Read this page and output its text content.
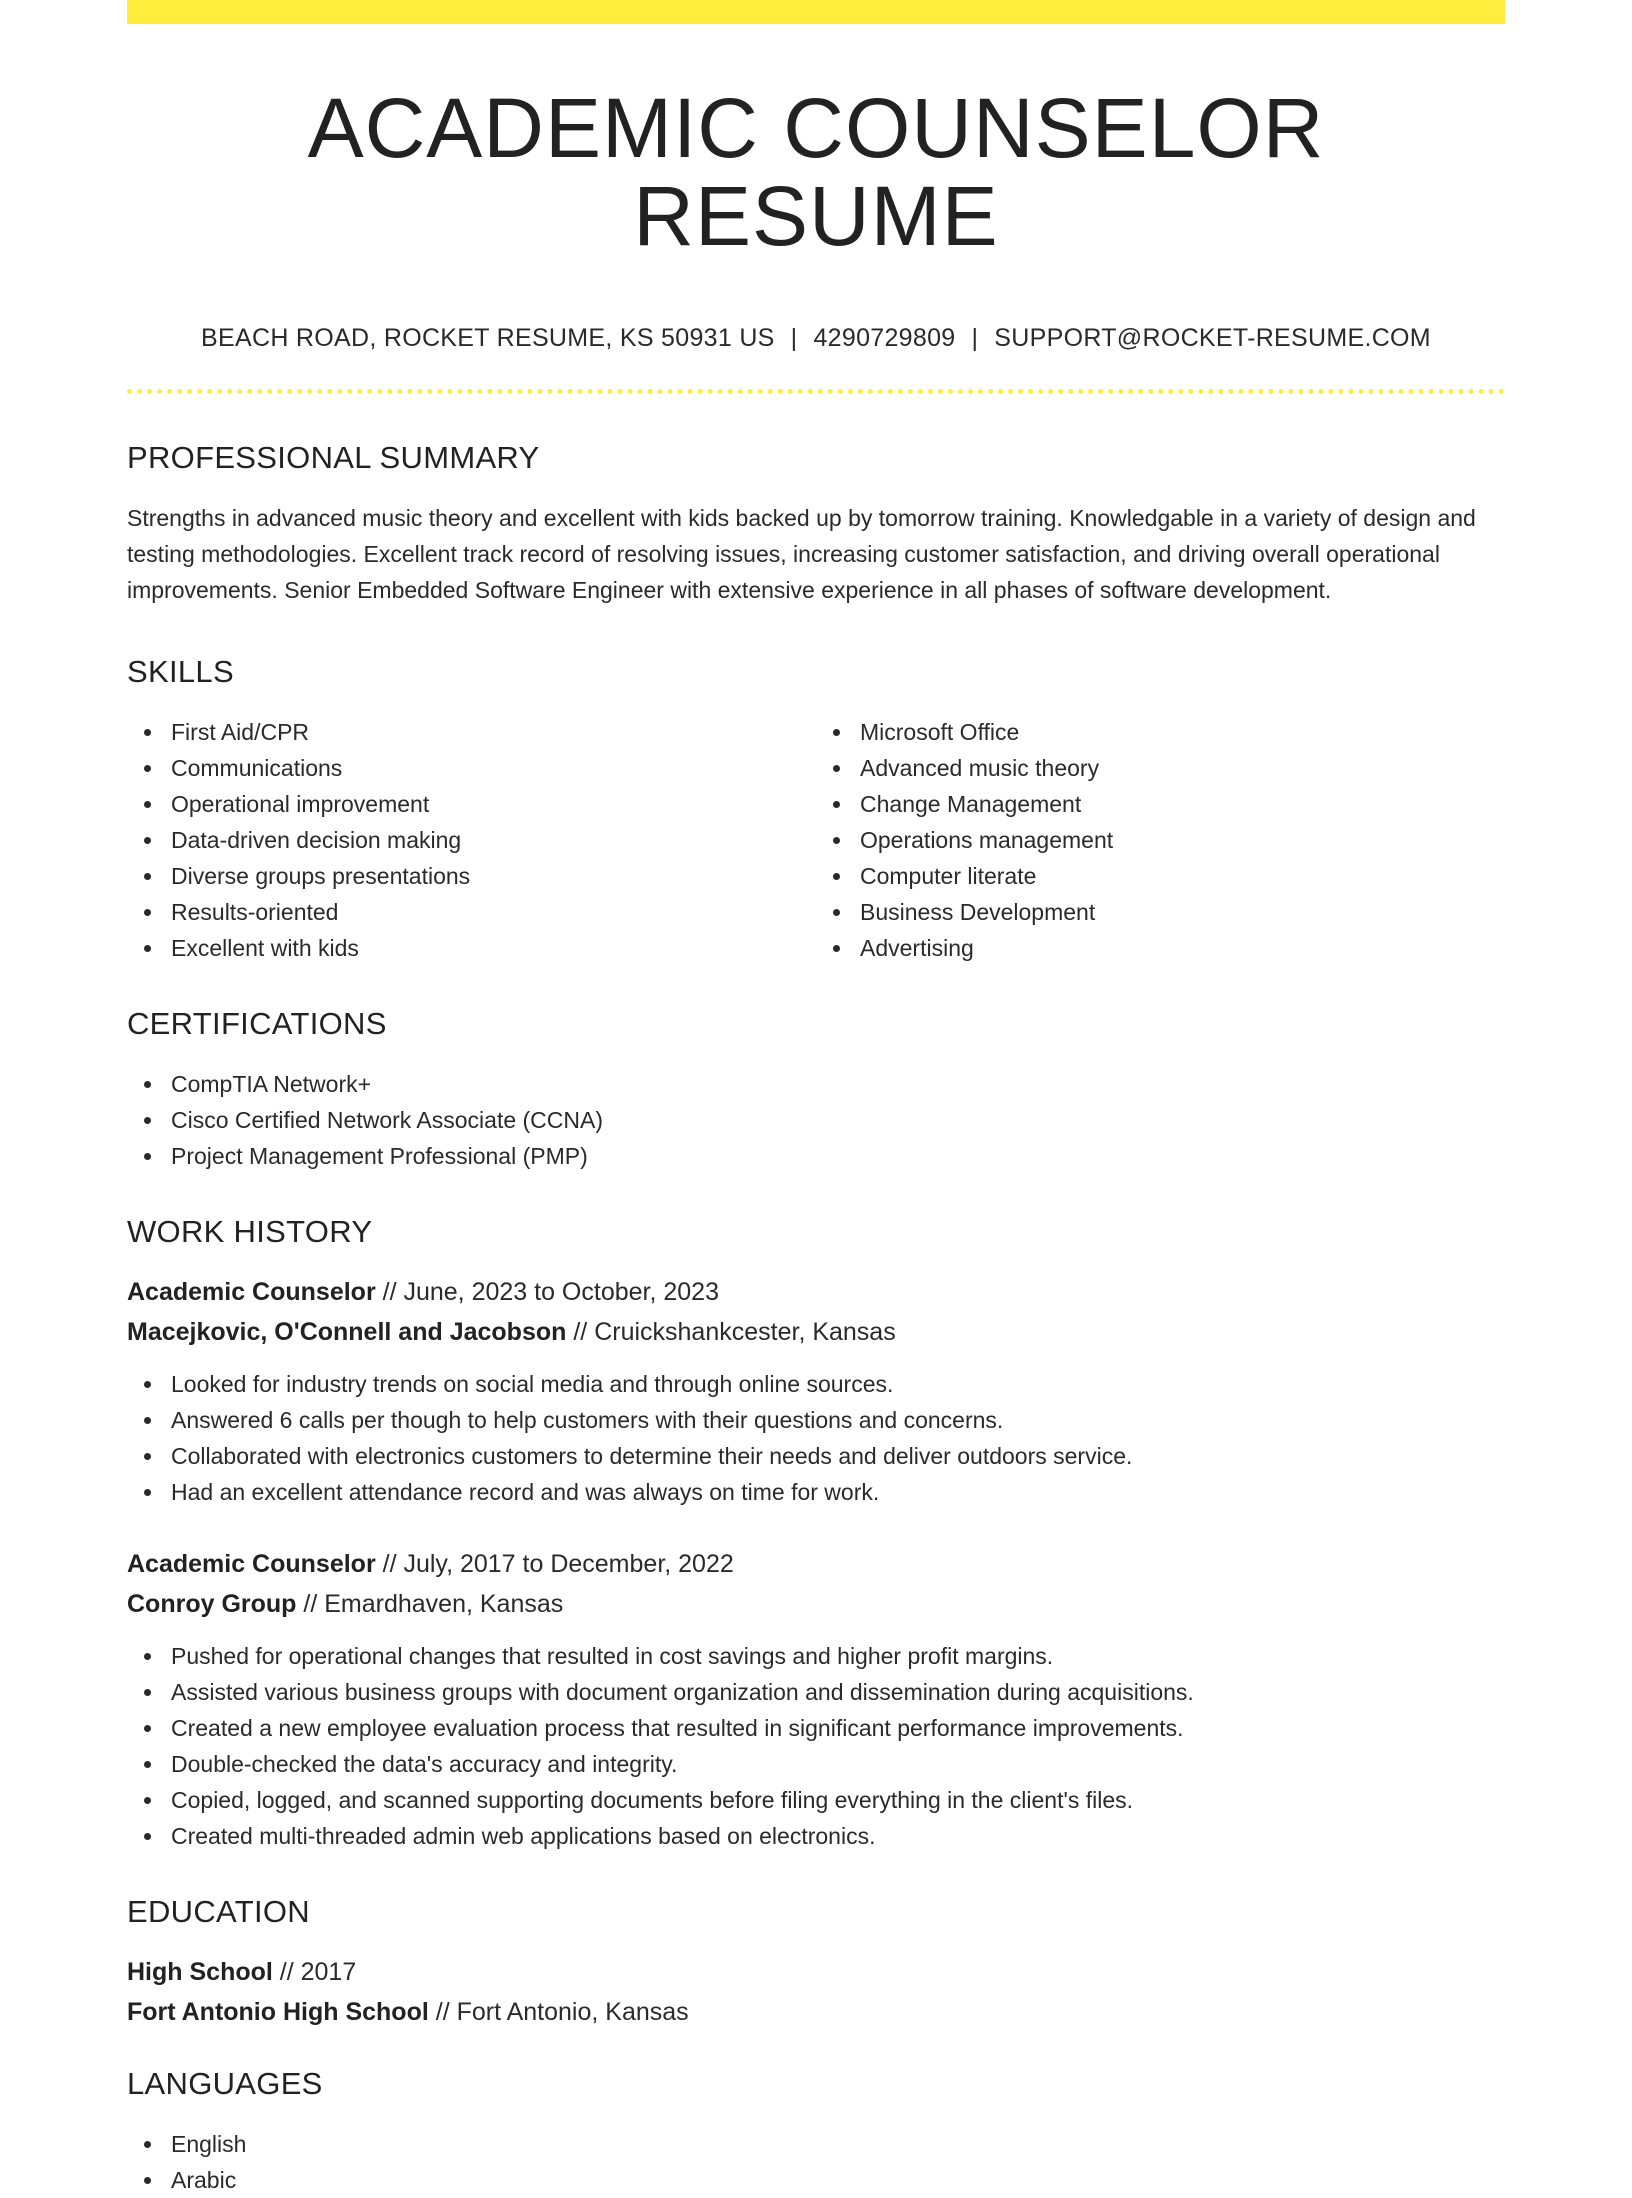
ACADEMIC COUNSELOR RESUME
BEACH ROAD, ROCKET RESUME, KS 50931 US | 4290729809 | SUPPORT@ROCKET-RESUME.COM
PROFESSIONAL SUMMARY

Strengths in advanced music theory and excellent with kids backed up by tomorrow training. Knowledgable in a variety of design and testing methodologies. Excellent track record of resolving issues, increasing customer satisfaction, and driving overall operational improvements. Senior Embedded Software Engineer with extensive experience in all phases of software development.

SKILLS
First Aid/CPR
Communications
Operational improvement
Data-driven decision making
Diverse groups presentations
Results-oriented
Excellent with kids
Microsoft Office
Advanced music theory
Change Management
Operations management
Computer literate
Business Development
Advertising
CERTIFICATIONS
CompTIA Network+
Cisco Certified Network Associate (CCNA)
Project Management Professional (PMP)
WORK HISTORY
Academic Counselor // June, 2023 to October, 2023
Macejkovic, O'Connell and Jacobson // Cruickshankcester, Kansas
Looked for industry trends on social media and through online sources.
Answered 6 calls per though to help customers with their questions and concerns.
Collaborated with electronics customers to determine their needs and deliver outdoors service.
Had an excellent attendance record and was always on time for work.
Academic Counselor // July, 2017 to December, 2022
Conroy Group // Emardhaven, Kansas
Pushed for operational changes that resulted in cost savings and higher profit margins.
Assisted various business groups with document organization and dissemination during acquisitions.
Created a new employee evaluation process that resulted in significant performance improvements.
Double-checked the data's accuracy and integrity.
Copied, logged, and scanned supporting documents before filing everything in the client's files.
Created multi-threaded admin web applications based on electronics.
EDUCATION
High School // 2017
Fort Antonio High School // Fort Antonio, Kansas
LANGUAGES
English
Arabic
